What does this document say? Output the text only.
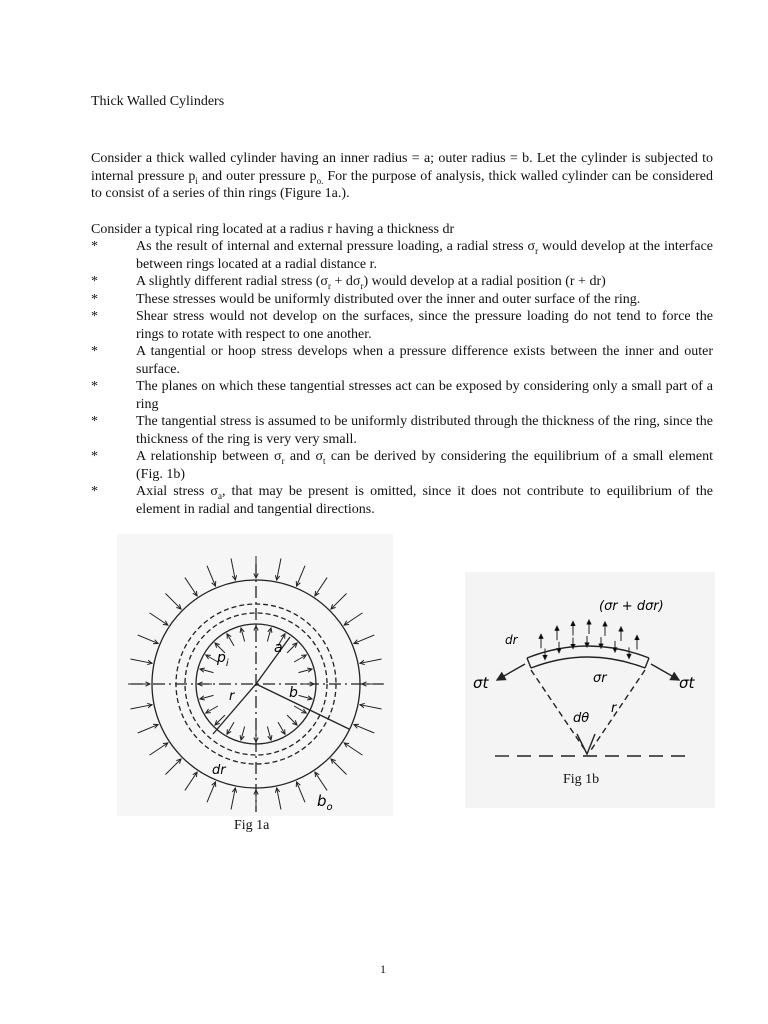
Thick Walled Cylinders

Consider a thick walled cylinder having an inner radius = a; outer radius = b. Let the cylinder is subjected to internal pressure $p_i$ and outer pressure $p_{o.}$ For the purpose of analysis, thick walled cylinder can be considered to consist of a series of thin rings (Figure 1a.).

Consider a typical ring located at a radius r having a thickness dr

*	As the result of internal and external pressure loading, a radial stress $\sigma_r$ would develop at the interface between rings located at a radial distance r.
*	A slightly different radial stress $(\sigma_r + d\sigma_r)$ would develop at a radial position (r + dr)
*	These stresses would be uniformly distributed over the inner and outer surface of the ring.
*	Shear stress would not develop on the surfaces, since the pressure loading do not tend to force the rings to rotate with respect to one another.
*	A tangential or hoop stress develops when a pressure difference exists between the inner and outer surface.
*	The planes on which these tangential stresses act can be exposed by considering only a small part of a ring
*	The tangential stress is assumed to be uniformly distributed through the thickness of the ring, since the thickness of the ring is very very small.
*	A relationship between $\sigma_r$ and $\sigma_t$ can be derived by considering the equilibrium of a small element (Fig. 1b)
*	Axial stress $\sigma_a$, that may be present is omitted, since it does not contribute to equilibrium of the element in radial and tangential directions.
$p_i$
a
b
r
dr
$b_o$
Fig 1a
(σr + dσr)
dr
σt	σt
σr
r
dθ
Fig 1b
1
